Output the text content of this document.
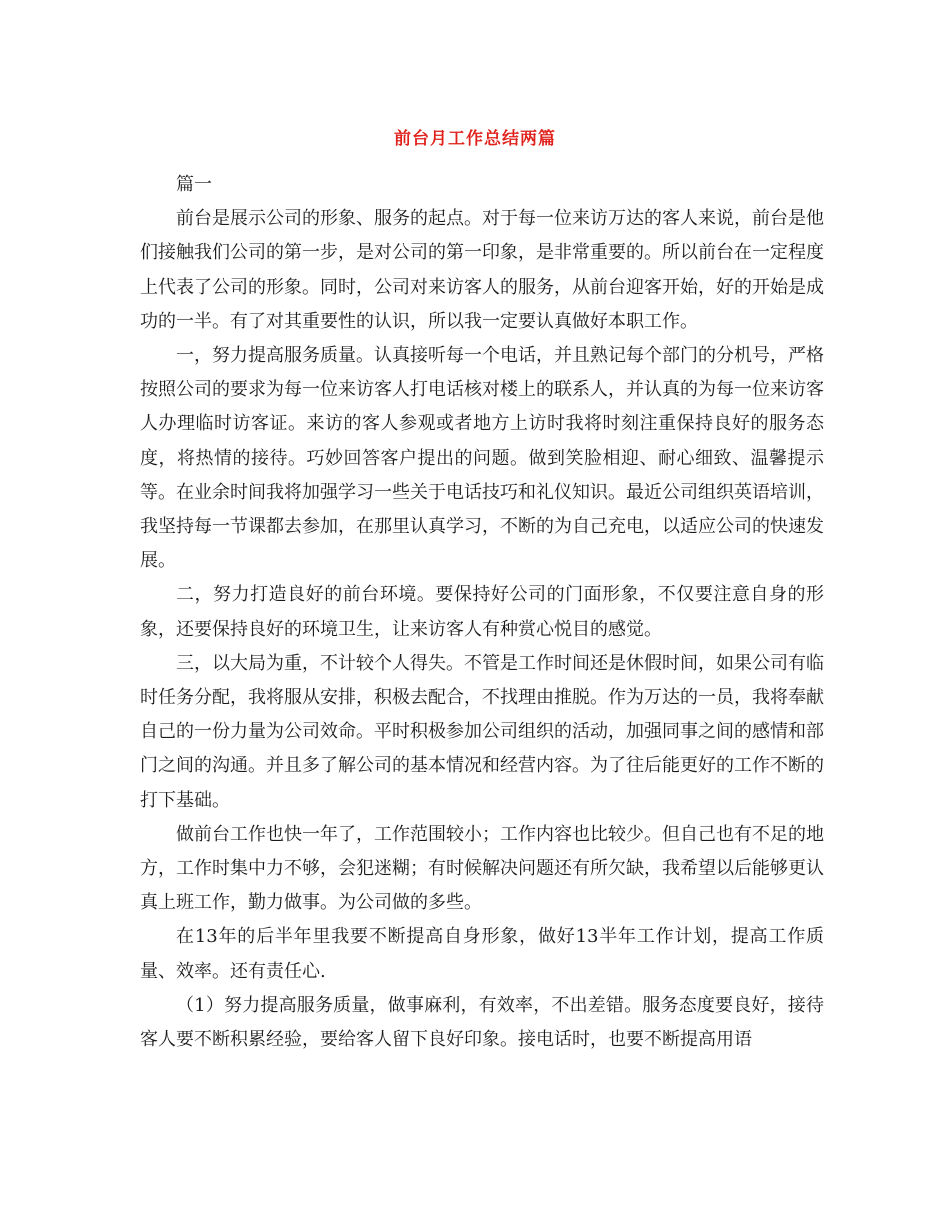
前台月工作总结两篇

篇一

前台是展示公司的形象、服务的起点。对于每一位来访万达的客人来说，前台是他们接触我们公司的第一步，是对公司的第一印象，是非常重要的。所以前台在一定程度上代表了公司的形象。同时，公司对来访客人的服务，从前台迎客开始，好的开始是成功的一半。有了对其重要性的认识，所以我一定要认真做好本职工作。

一，努力提高服务质量。认真接听每一个电话，并且熟记每个部门的分机号，严格按照公司的要求为每一位来访客人打电话核对楼上的联系人，并认真的为每一位来访客人办理临时访客证。来访的客人参观或者地方上访时我将时刻注重保持良好的服务态度，将热情的接待。巧妙回答客户提出的问题。做到笑脸相迎、耐心细致、温馨提示等。在业余时间我将加强学习一些关于电话技巧和礼仪知识。最近公司组织英语培训，我坚持每一节课都去参加，在那里认真学习，不断的为自己充电，以适应公司的快速发展。

二，努力打造良好的前台环境。要保持好公司的门面形象，不仅要注意自身的形象，还要保持良好的环境卫生，让来访客人有种赏心悦目的感觉。

三，以大局为重，不计较个人得失。不管是工作时间还是休假时间，如果公司有临时任务分配，我将服从安排，积极去配合，不找理由推脱。作为万达的一员，我将奉献自己的一份力量为公司效命。平时积极参加公司组织的活动，加强同事之间的感情和部门之间的沟通。并且多了解公司的基本情况和经营内容。为了往后能更好的工作不断的打下基础。

做前台工作也快一年了，工作范围较小；工作内容也比较少。但自己也有不足的地方，工作时集中力不够，会犯迷糊；有时候解决问题还有所欠缺，我希望以后能够更认真上班工作，勤力做事。为公司做的多些。

在13年的后半年里我要不断提高自身形象，做好13半年工作计划，提高工作质量、效率。还有责任心.

（1）努力提高服务质量，做事麻利，有效率，不出差错。服务态度要良好，接待客人要不断积累经验，要给客人留下良好印象。接电话时，也要不断提高用语
